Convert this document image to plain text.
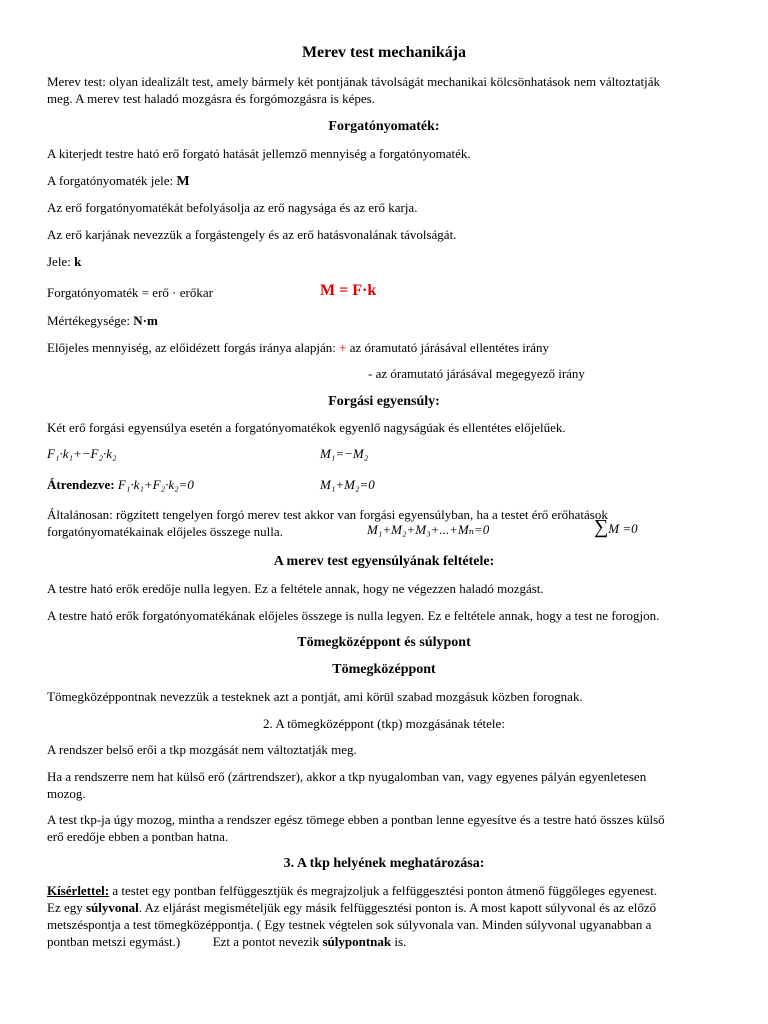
Merev test mechanikája
Merev test: olyan idealizált test, amely bármely két pontjának távolságát mechanikai kölcsönhatások nem változtatják
meg. A merev test haladó mozgásra és forgómozgásra is képes.
Forgatónyomaték:
A kiterjedt testre ható erő forgató hatását jellemző mennyiség a forgatónyomaték.
A forgatónyomaték jele: M
Az erő forgatónyomatékát befolyásolja az erő nagysága és az erő karja.
Az erő karjának nevezzük a forgástengely és az erő hatásvonalának távolságát.
Jele: k
Forgatónyomaték = erő · erőkar	M = F·k
Mértékegysége: N·m
Előjeles mennyiség, az előidézett forgás iránya alapján: + az óramutató járásával ellentétes irány
- az óramutató járásával megegyező irány
Forgási egyensúly:
Két erő forgási egyensúlya esetén a forgatónyomatékok egyenlő nagyságúak és ellentétes előjelűek.
F₁·k₁+−F₂·k₂	M₁=−M₂
Átrendezve: F₁·k₁+F₂·k₂=0	M₁+M₂=0
Általánosan: rögzített tengelyen forgó merev test akkor van forgási egyensúlyban, ha a testet érő erőhatások
forgatónyomatékainak előjeles összege nulla.	M₁+M₂+M₃+...+Mₙ=0	∑M =0
A merev test egyensúlyának feltétele:
A testre ható erők eredője nulla legyen. Ez a feltétele annak, hogy ne végezzen haladó mozgást.
A testre ható erők forgatónyomatékának előjeles összege is nulla legyen. Ez e feltétele annak, hogy a test ne forogjon.
Tömegközéppont és súlypont
Tömegközéppont
Tömegközéppontnak nevezzük a testeknek azt a pontját, ami körül szabad mozgásuk közben forognak.
2. A tömegközéppont (tkp) mozgásának tétele:
A rendszer belső erői a tkp mozgását nem változtatják meg.
Ha a rendszerre nem hat külső erő (zártrendszer), akkor a tkp nyugalomban van, vagy egyenes pályán egyenletesen
mozog.
A test tkp-ja úgy mozog, mintha a rendszer egész tömege ebben a pontban lenne egyesítve és a testre ható összes külső
erő eredője ebben a pontban hatna.
3. A tkp helyének meghatározása:
Kísérlettel: a testet egy pontban felfüggesztjük és megrajzoljuk a felfüggesztési ponton átmenő függőleges egyenest.
Ez egy súlyvonal. Az eljárást megismételjük egy másik felfüggesztési ponton is. A most kapott súlyvonal és az előző
metszéspontja a test tömegközéppontja. ( Egy testnek végtelen sok súlyvonala van. Minden súlyvonal ugyanabban a
pontban metszi egymást.)          Ezt a pontot nevezik súlypontnak is.
